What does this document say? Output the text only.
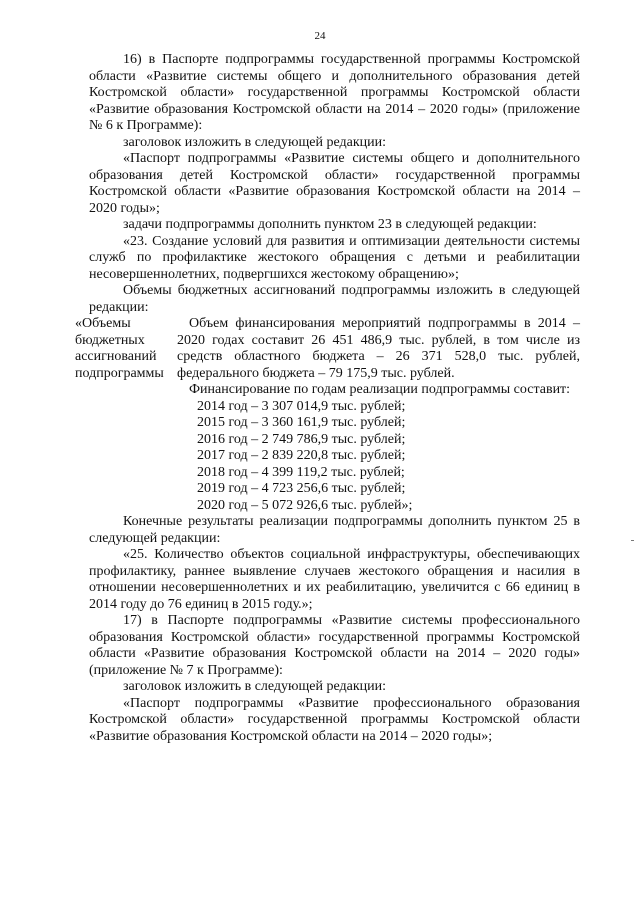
24

16) в Паспорте подпрограммы государственной программы Костромской области «Развитие системы общего и дополнительного образования детей Костромской области» государственной программы Костромской области «Развитие образования Костромской области на 2014 – 2020 годы» (приложение № 6 к Программе):

заголовок изложить в следующей редакции:

«Паспорт подпрограммы «Развитие системы общего и дополнительного образования детей Костромской области» государственной программы Костромской области «Развитие образования Костромской области на 2014 – 2020 годы»;

задачи подпрограммы дополнить пунктом 23 в следующей редакции:

«23. Создание условий для развития и оптимизации деятельности системы служб по профилактике жестокого обращения с детьми и реабилитации несовершеннолетних, подвергшихся жестокому обращению»;

Объемы бюджетных ассигнований подпрограммы изложить в следующей редакции:

«Объемы бюджетных ассигнований подпрограммы

Объем финансирования мероприятий подпрограммы в 2014 – 2020 годах составит 26 451 486,9 тыс. рублей, в том числе из средств областного бюджета – 26 371 528,0 тыс. рублей, федерального бюджета – 79 175,9 тыс. рублей.

Финансирование по годам реализации подпрограммы составит:

2014 год – 3 307 014,9 тыс. рублей;
2015 год – 3 360 161,9 тыс. рублей;
2016 год – 2 749 786,9 тыс. рублей;
2017 год – 2 839 220,8 тыс. рублей;
2018 год – 4 399 119,2 тыс. рублей;
2019 год – 4 723 256,6 тыс. рублей;
2020 год – 5 072 926,6 тыс. рублей»;

Конечные результаты реализации подпрограммы дополнить пунктом 25 в следующей редакции:

«25. Количество объектов социальной инфраструктуры, обеспечивающих профилактику, раннее выявление случаев жестокого обращения и насилия в отношении несовершеннолетних и их реабилитацию, увеличится с 66 единиц в 2014 году до 76 единиц в 2015 году.»;

17) в Паспорте подпрограммы «Развитие системы профессионального образования Костромской области» государственной программы Костромской области «Развитие образования Костромской области на 2014 – 2020 годы» (приложение № 7 к Программе):

заголовок изложить в следующей редакции:

«Паспорт подпрограммы «Развитие профессионального образования Костромской области» государственной программы Костромской области «Развитие образования Костромской области на 2014 – 2020 годы»;
